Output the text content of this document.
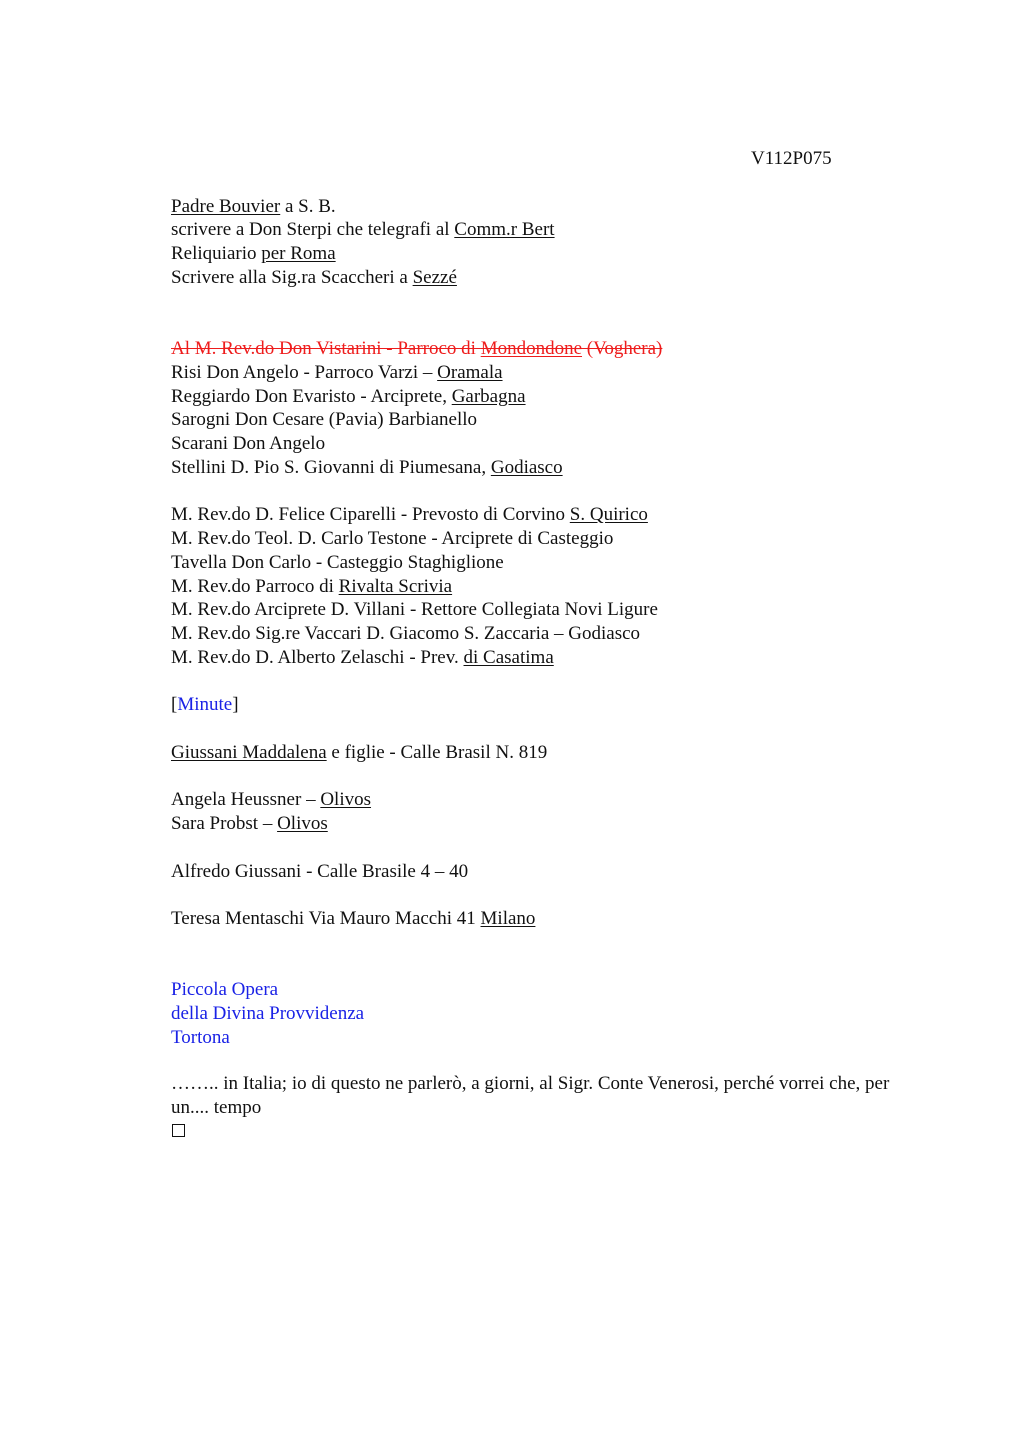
V112P075
Padre Bouvier a S. B.
scrivere a Don Sterpi che telegrafi al Comm.r Bert
Reliquiario per Roma
Scrivere alla Sig.ra Scaccheri a Sezzé
Al M. Rev.do Don Vistarini - Parroco di Mondondone (Voghera)
Risi Don Angelo - Parroco Varzi – Oramala
Reggiardo Don Evaristo - Arciprete, Garbagna
Sarogni Don Cesare (Pavia) Barbianello
Scarani Don Angelo
Stellini D. Pio S. Giovanni di Piumesana, Godiasco
M. Rev.do D. Felice Ciparelli - Prevosto di Corvino S. Quirico
M. Rev.do Teol. D. Carlo Testone - Arciprete di Casteggio
Tavella Don Carlo - Casteggio Staghiglione
M. Rev.do Parroco di Rivalta Scrivia
M. Rev.do Arciprete D. Villani - Rettore Collegiata Novi Ligure
M. Rev.do Sig.re Vaccari D. Giacomo S. Zaccaria – Godiasco
M. Rev.do D. Alberto Zelaschi - Prev. di Casatima
[Minute]
Giussani Maddalena e figlie - Calle Brasil N. 819
Angela Heussner – Olivos
Sara Probst – Olivos
Alfredo Giussani - Calle Brasile 4 – 40
Teresa Mentaschi Via Mauro Macchi 41 Milano
Piccola Opera
della Divina Provvidenza
Tortona
…….. in Italia; io di questo ne parlerò, a giorni, al Sigr. Conte Venerosi, perché vorrei che, per un.... tempo
